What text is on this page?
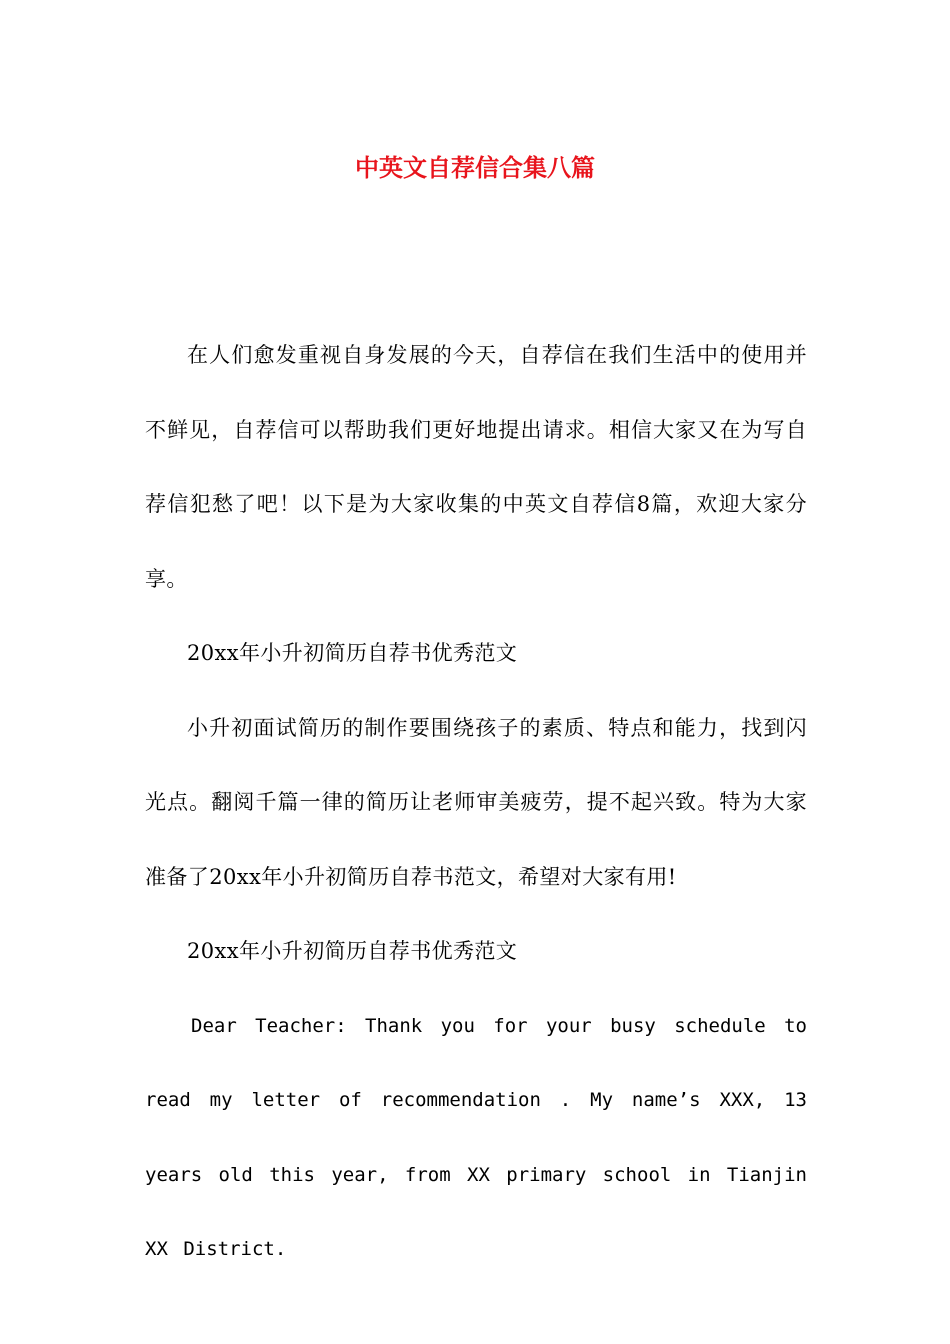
中英文自荐信合集八篇

在人们愈发重视自身发展的今天，自荐信在我们生活中的使用并不鲜见，自荐信可以帮助我们更好地提出请求。相信大家又在为写自荐信犯愁了吧！以下是为大家收集的中英文自荐信8篇，欢迎大家分享。

20xx年小升初简历自荐书优秀范文

小升初面试简历的制作要围绕孩子的素质、特点和能力，找到闪光点。翻阅千篇一律的简历让老师审美疲劳，提不起兴致。特为大家准备了20xx年小升初简历自荐书范文，希望对大家有用!

20xx年小升初简历自荐书优秀范文

Dear Teacher: Thank you for your busy schedule to read my letter of recommendation . My name’s XXX, 13 years old this year, from XX primary school in Tianjin XX District.
